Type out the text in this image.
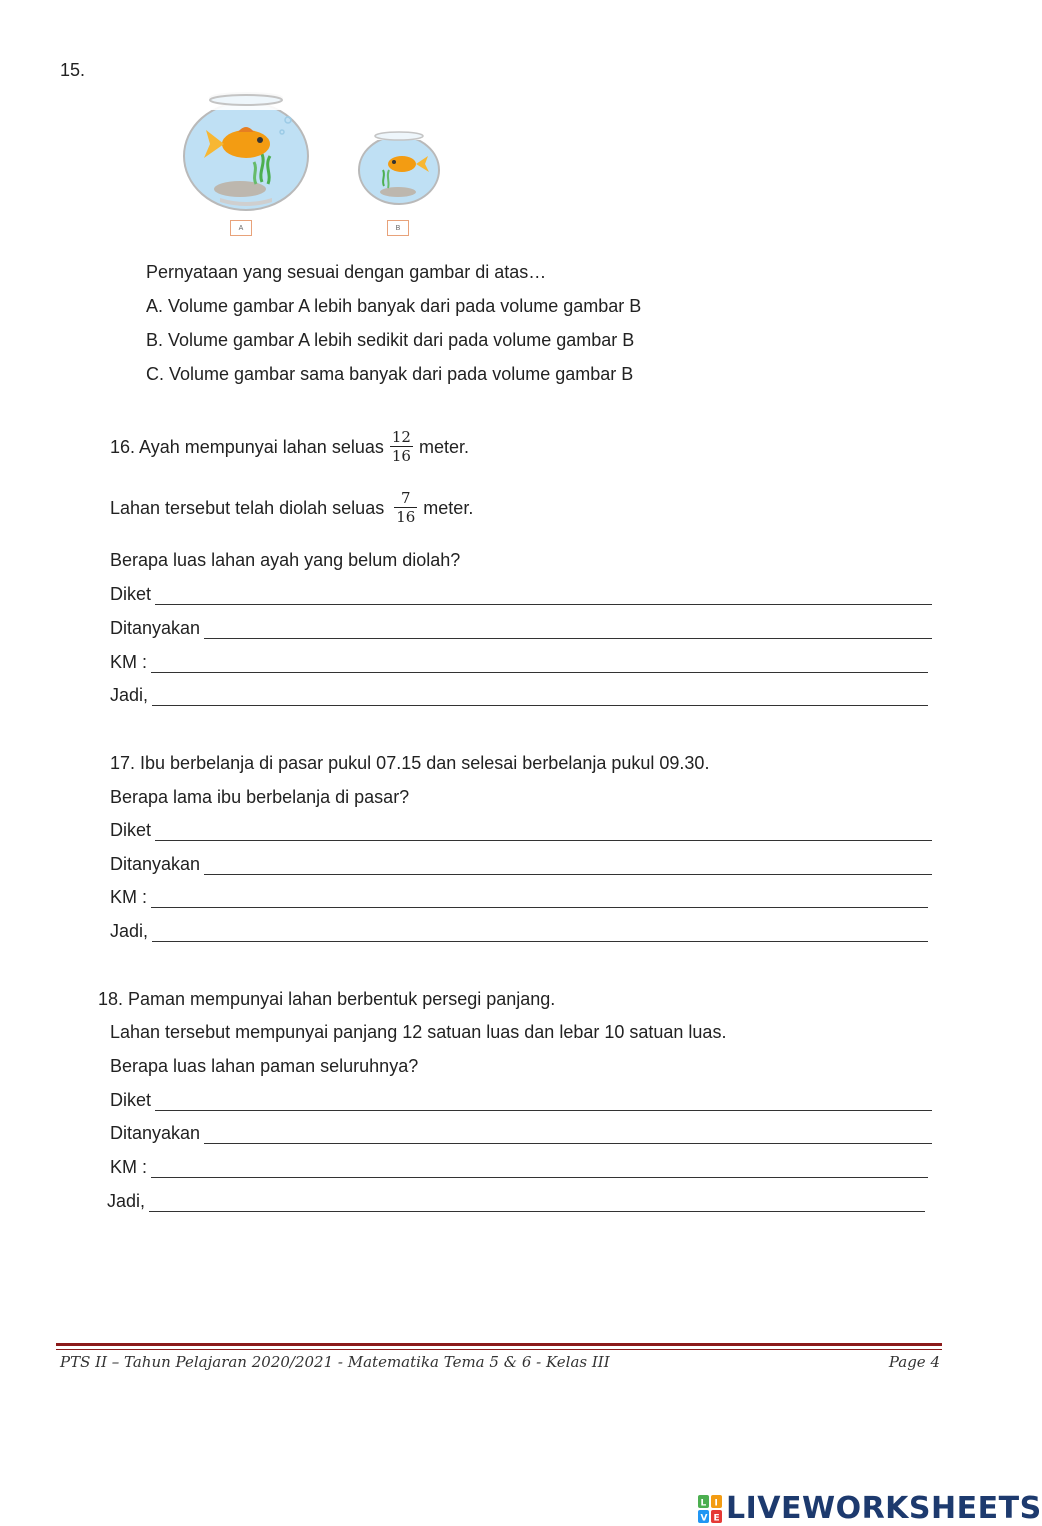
15.
A	B
Pernyataan yang sesuai dengan gambar di atas…
A. Volume gambar A lebih banyak dari pada volume gambar B
B. Volume gambar A lebih sedikit dari pada volume gambar B
C. Volume gambar sama banyak dari pada volume gambar B
16. Ayah mempunyai lahan seluas $\frac{12}{16}$ meter.
Lahan tersebut telah diolah seluas $\frac{7}{16}$ meter.
Berapa luas lahan ayah yang belum diolah?
Diket
Ditanyakan
KM :
Jadi,
17. Ibu berbelanja di pasar pukul 07.15 dan selesai berbelanja pukul 09.30.
Berapa lama ibu berbelanja di pasar?
Diket
Ditanyakan
KM :
Jadi,
18. Paman mempunyai lahan berbentuk persegi panjang.
Lahan tersebut mempunyai panjang 12 satuan luas dan lebar 10 satuan luas.
Berapa luas lahan paman seluruhnya?
Diket
Ditanyakan
KM :
Jadi,
PTS II – Tahun Pelajaran 2020/2021 - Matematika Tema 5 & 6 - Kelas III	Page 4
L I
V E LIVEWORKSHEETS
